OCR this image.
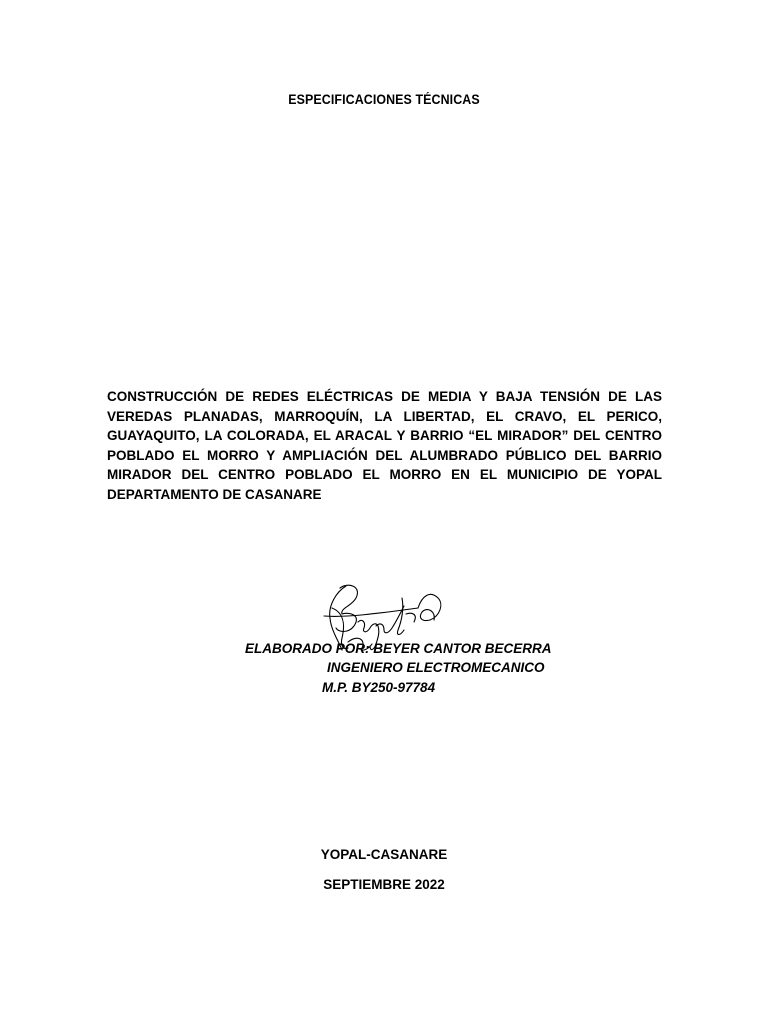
ESPECIFICACIONES TÉCNICAS
CONSTRUCCIÓN DE REDES ELÉCTRICAS DE MEDIA Y BAJA TENSIÓN DE LAS VEREDAS PLANADAS, MARROQUÍN, LA LIBERTAD, EL CRAVO, EL PERICO, GUAYAQUITO, LA COLORADA, EL ARACAL Y BARRIO “EL MIRADOR” DEL CENTRO POBLADO EL MORRO Y AMPLIACIÓN DEL ALUMBRADO PÚBLICO DEL BARRIO MIRADOR DEL CENTRO POBLADO EL MORRO EN EL MUNICIPIO DE YOPAL DEPARTAMENTO DE CASANARE
ELABORADO POR: BEYER CANTOR BECERRA
INGENIERO ELECTROMECANICO
M.P. BY250-97784
YOPAL-CASANARE
SEPTIEMBRE 2022
